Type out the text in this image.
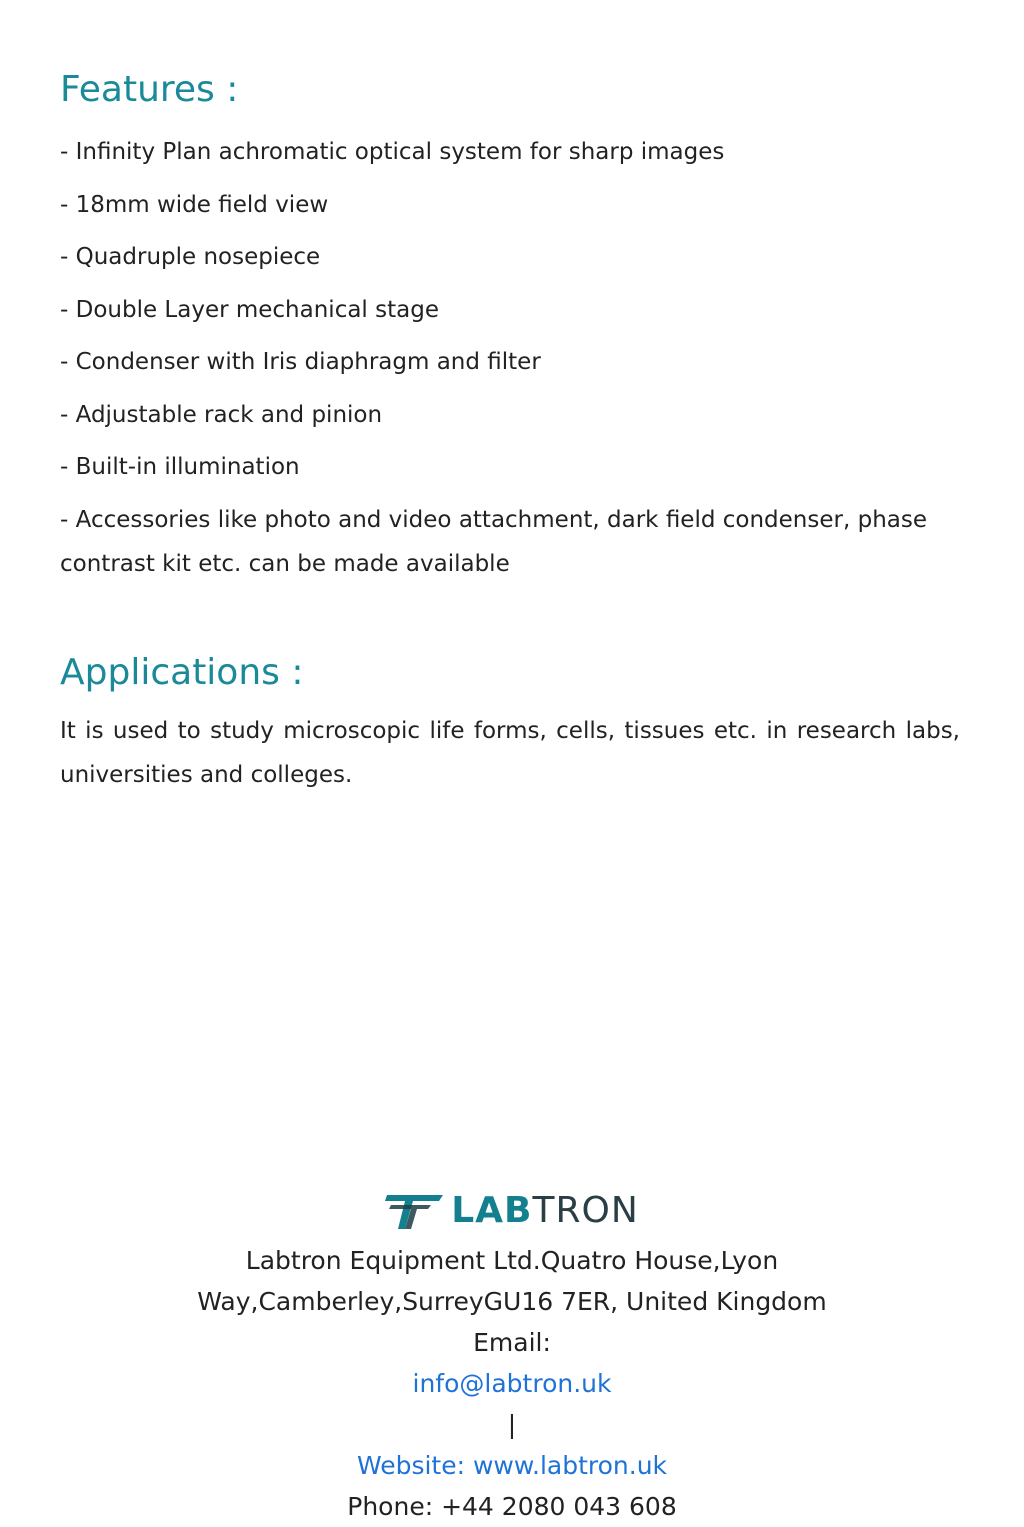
Features :
- Infinity Plan achromatic optical system for sharp images
- 18mm wide field view
- Quadruple nosepiece
- Double Layer mechanical stage
- Condenser with Iris diaphragm and filter
- Adjustable rack and pinion
- Built-in illumination
- Accessories like photo and video attachment, dark field condenser, phase contrast kit etc. can be made available
Applications :

It is used to study microscopic life forms, cells, tissues etc. in research labs, universities and colleges.

LABTRON
Labtron Equipment Ltd.Quatro House,Lyon
Way,Camberley,SurreyGU16 7ER, United Kingdom
Email:
info@labtron.uk
|
Website: www.labtron.uk
Phone: +44 2080 043 608
